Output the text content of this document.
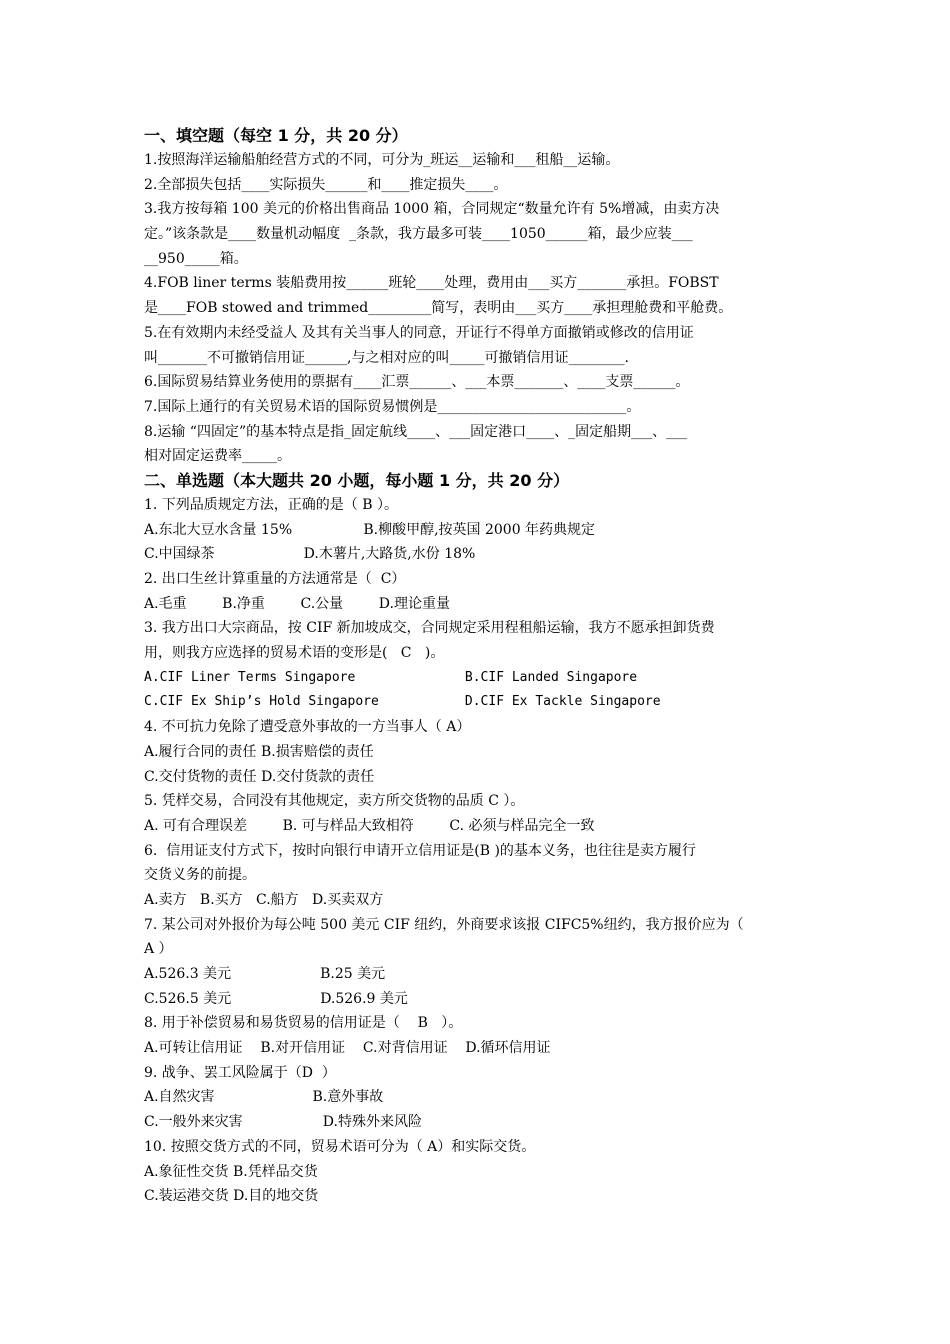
一、填空题（每空 1 分，共 20 分）
1.按照海洋运输船舶经营方式的不同，可分为_班运__运输和___租船__运输。
2.全部损失包括____实际损失______和____推定损失____。
3.我方按每箱 100 美元的价格出售商品 1000 箱，合同规定“数量允许有 5%增减，由卖方决
定。”该条款是____数量机动幅度  _条款，我方最多可装____1050______箱，最少应装___
__950_____箱。
4.FOB liner terms 装船费用按______班轮____处理，费用由___买方_______承担。FOBST
是____FOB stowed and trimmed_________简写，表明由___买方____承担理舱费和平舱费。
5.在有效期内未经受益人 及其有关当事人的同意，开证行不得单方面撤销或修改的信用证
叫_______不可撤销信用证______,与之相对应的叫_____可撤销信用证________.
6.国际贸易结算业务使用的票据有____汇票______、___本票_______、____支票______。
7.国际上通行的有关贸易术语的国际贸易惯例是___________________________。
8.运输 “四固定”的基本特点是指_固定航线____、___固定港口____、_固定船期___、___
相对固定运费率_____。
二、单选题（本大题共 20 小题，每小题 1 分，共 20 分）
1. 下列品质规定方法，正确的是（ B ）。
A.东北大豆水含量 15%                B.柳酸甲醇,按英国 2000 年药典规定
C.中国绿茶                    D.木薯片,大路货,水份 18%
2. 出口生丝计算重量的方法通常是（  C）
A.毛重        B.净重        C.公量        D.理论重量
3. 我方出口大宗商品，按 CIF 新加坡成交，合同规定采用程租船运输，我方不愿承担卸货费
用，则我方应选择的贸易术语的变形是(   C   )。
A.CIF Liner Terms Singapore              B.CIF Landed Singapore
C.CIF Ex Ship’s Hold Singapore           D.CIF Ex Tackle Singapore
4. 不可抗力免除了遭受意外事故的一方当事人（ A）
A.履行合同的责任 B.损害赔偿的责任
C.交付货物的责任 D.交付货款的责任
5. 凭样交易，合同没有其他规定，卖方所交货物的品质 C ）。
A. 可有合理误差        B. 可与样品大致相符        C. 必须与样品完全一致
6.  信用证支付方式下，按时向银行申请开立信用证是(B )的基本义务，也往往是卖方履行
交货义务的前提。
A.卖方   B.买方   C.船方   D.买卖双方
7. 某公司对外报价为每公吨 500 美元 CIF 纽约，外商要求该报 CIFC5%纽约，我方报价应为（
A ）
A.526.3 美元                    B.25 美元
C.526.5 美元                    D.526.9 美元
8. 用于补偿贸易和易货贸易的信用证是（    B   ）。
A.可转让信用证    B.对开信用证    C.对背信用证    D.循环信用证
9. 战争、罢工风险属于（D  ）
A.自然灾害                      B.意外事故
C.一般外来灾害                  D.特殊外来风险
10. 按照交货方式的不同，贸易术语可分为（ A）和实际交货。
A.象征性交货 B.凭样品交货
C.装运港交货 D.目的地交货
